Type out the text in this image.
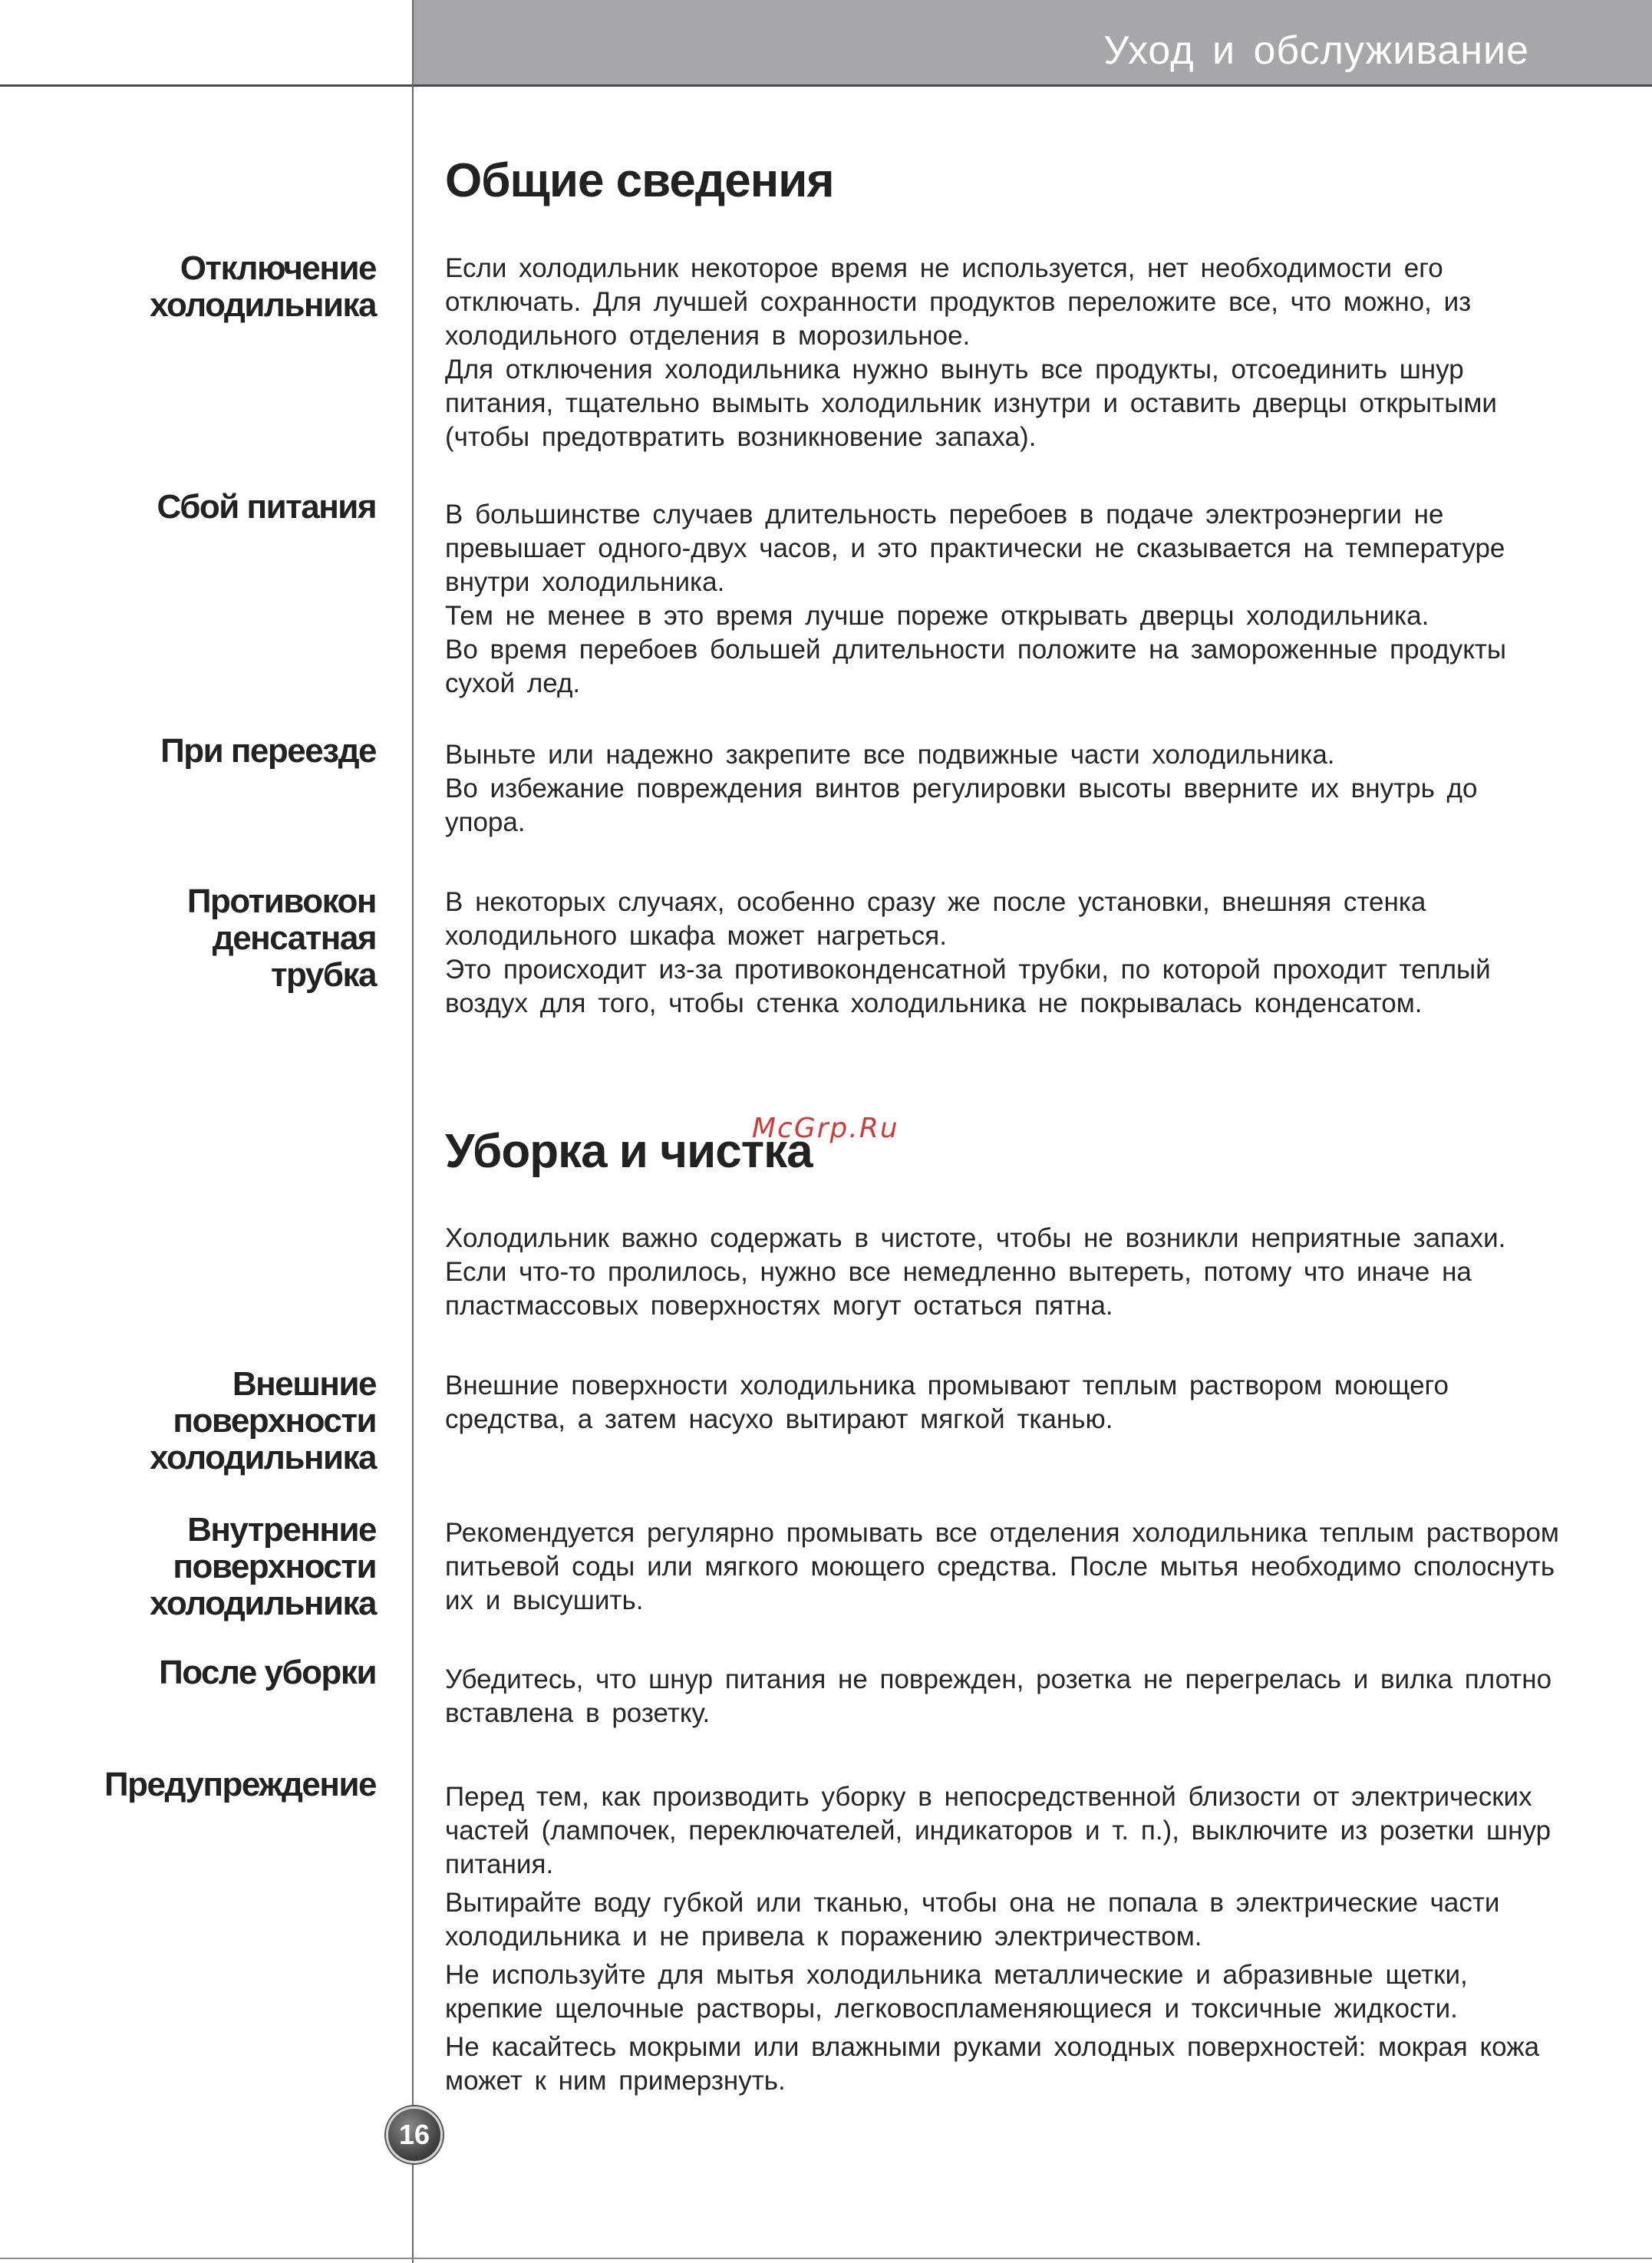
Уход и обслуживание
Общие сведения
Отключение
холодильника

Если холодильник некоторое время не используется, нет необходимости его отключать. Для лучшей сохранности продуктов переложите все, что можно, из холодильного отделения в морозильное.

Для отключения холодильника нужно вынуть все продукты, отсоединить шнур питания, тщательно вымыть холодильник изнутри и оставить дверцы открытыми (чтобы предотвратить возникновение запаха).

Сбой питания	В большинстве случаев длительность перебоев в подаче электроэнергии не превышает одного-двух часов, и это практически не сказывается на температуре внутри холодильника.

Тем не менее в это время лучше пореже открывать дверцы холодильника.

Во время перебоев большей длительности положите на замороженные продукты сухой лед.

При переезде	Выньте или надежно закрепите все подвижные части холодильника.

Во избежание повреждения винтов регулировки высоты вверните их внутрь до упора.

Противокон
денсатная
трубка

В некоторых случаях, особенно сразу же после установки, внешняя стенка холодильного шкафа может нагреться.

Это происходит из-за противоконденсатной трубки, по которой проходит теплый воздух для того, чтобы стенка холодильника не покрывалась конденсатом.

Уборка и чистка
McGrp.Ru

Холодильник важно содержать в чистоте, чтобы не возникли неприятные запахи. Если что-то пролилось, нужно все немедленно вытереть, потому что иначе на пластмассовых поверхностях могут остаться пятна.

Внешние
поверхности
холодильника

Внешние поверхности холодильника промывают теплым раствором моющего средства, а затем насухо вытирают мягкой тканью.

Внутренние
поверхности
холодильника

Рекомендуется регулярно промывать все отделения холодильника теплым раствором питьевой соды или мягкого моющего средства. После мытья необходимо сполоснуть их и высушить.

После уборки	Убедитесь, что шнур питания не поврежден, розетка не перегрелась и вилка плотно вставлена в розетку.

Предупреждение	Перед тем, как производить уборку в непосредственной близости от электрических частей (лампочек, переключателей, индикаторов и т. п.), выключите из розетки шнур питания.

Вытирайте воду губкой или тканью, чтобы она не попала в электрические части холодильника и не привела к поражению электричеством.

Не используйте для мытья холодильника металлические и абразивные щетки, крепкие щелочные растворы, легковоспламеняющиеся и токсичные жидкости.

Не касайтесь мокрыми или влажными руками холодных поверхностей: мокрая кожа может к ним примерзнуть.

16
